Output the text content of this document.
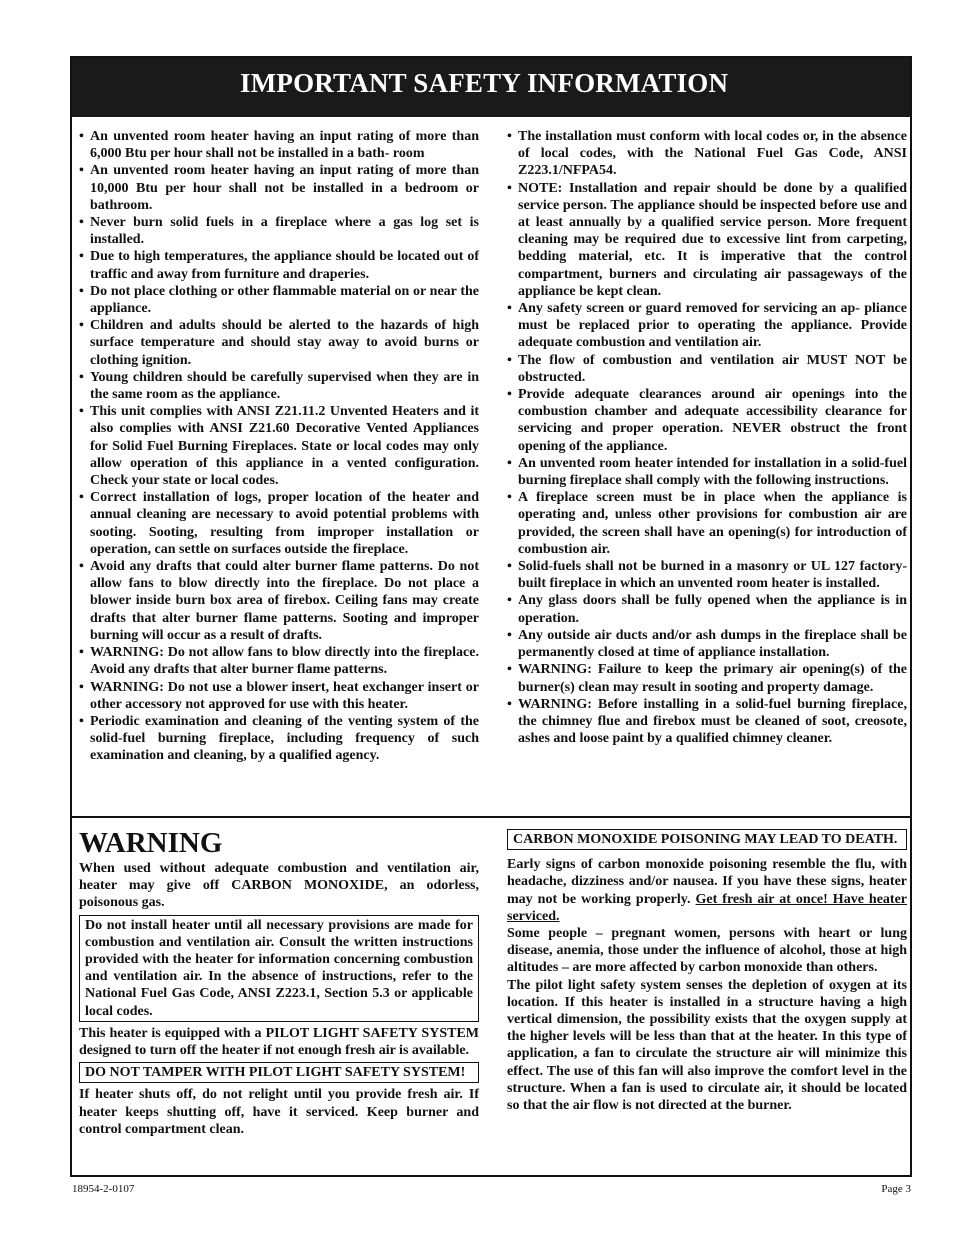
IMPORTANT SAFETY INFORMATION
• An unvented room heater having an input rating of more than 6,000 Btu per hour shall not be installed in a bath- room
• An unvented room heater having an input rating of more than 10,000 Btu per hour shall not be installed in a bedroom or bathroom.
• Never burn solid fuels in a fireplace where a gas log set is installed.
• Due to high temperatures, the appliance should be located out of traffic and away from furniture and draperies.
• Do not place clothing or other flammable material on or near the appliance.
• Children and adults should be alerted to the hazards of high surface temperature and should stay away to avoid burns or clothing ignition.
• Young children should be carefully supervised when they are in the same room as the appliance.
• This unit complies with ANSI Z21.11.2 Unvented Heaters and it also complies with ANSI Z21.60 Decorative Vented Appliances for Solid Fuel Burning Fireplaces. State or local codes may only allow operation of this appliance in a vented configuration. Check your state or local codes.
• Correct installation of logs, proper location of the heater and annual cleaning are necessary to avoid potential problems with sooting. Sooting, resulting from improper installation or operation, can settle on surfaces outside the fireplace.
• Avoid any drafts that could alter burner flame patterns. Do not allow fans to blow directly into the fireplace. Do not place a blower inside burn box area of firebox. Ceiling fans may create drafts that alter burner flame patterns. Sooting and improper burning will occur as a result of drafts.
• WARNING: Do not allow fans to blow directly into the fireplace. Avoid any drafts that alter burner flame patterns.
• WARNING: Do not use a blower insert, heat exchanger insert or other accessory not approved for use with this heater.
• Periodic examination and cleaning of the venting system of the solid-fuel burning fireplace, including frequency of such examination and cleaning, by a qualified agency.
• The installation must conform with local codes or, in the absence of local codes, with the National Fuel Gas Code, ANSI Z223.1/NFPA54.
• NOTE: Installation and repair should be done by a qualified service person. The appliance should be inspected before use and at least annually by a qualified service person. More frequent cleaning may be required due to excessive lint from carpeting, bedding material, etc. It is imperative that the control compartment, burners and circulating air passageways of the appliance be kept clean.
• Any safety screen or guard removed for servicing an ap- pliance must be replaced prior to operating the appliance. Provide adequate combustion and ventilation air.
• The flow of combustion and ventilation air MUST NOT be obstructed.
• Provide adequate clearances around air openings into the combustion chamber and adequate accessibility clearance for servicing and proper operation. NEVER obstruct the front opening of the appliance.
• An unvented room heater intended for installation in a solid-fuel burning fireplace shall comply with the following instructions.
• A fireplace screen must be in place when the appliance is operating and, unless other provisions for combustion air are provided, the screen shall have an opening(s) for introduction of combustion air.
• Solid-fuels shall not be burned in a masonry or UL 127 factory-built fireplace in which an unvented room heater is installed.
• Any glass doors shall be fully opened when the appliance is in operation.
• Any outside air ducts and/or ash dumps in the fireplace shall be permanently closed at time of appliance installation.
• WARNING: Failure to keep the primary air opening(s) of the burner(s) clean may result in sooting and property damage.
• WARNING: Before installing in a solid-fuel burning fireplace, the chimney flue and firebox must be cleaned of soot, creosote, ashes and loose paint by a qualified chimney cleaner.
WARNING

When used without adequate combustion and ventilation air, heater may give off CARBON MONOXIDE, an odorless, poisonous gas.

Do not install heater until all necessary provisions are made for combustion and ventilation air. Consult the written instructions provided with the heater for information concerning combustion and ventilation air. In the absence of instructions, refer to the National Fuel Gas Code, ANSI Z223.1, Section 5.3 or applicable local codes.

This heater is equipped with a PILOT LIGHT SAFETY SYSTEM designed to turn off the heater if not enough fresh air is available.

DO NOT TAMPER WITH PILOT LIGHT SAFETY SYSTEM!

If heater shuts off, do not relight until you provide fresh air. If heater keeps shutting off, have it serviced. Keep burner and control compartment clean.

CARBON MONOXIDE POISONING MAY LEAD TO DEATH.

Early signs of carbon monoxide poisoning resemble the flu, with headache, dizziness and/or nausea. If you have these signs, heater may not be working properly. Get fresh air at once! Have heater serviced.

Some people – pregnant women, persons with heart or lung disease, anemia, those under the influence of alcohol, those at high altitudes – are more affected by carbon monoxide than others.

The pilot light safety system senses the depletion of oxygen at its location. If this heater is installed in a structure having a high vertical dimension, the possibility exists that the oxygen supply at the higher levels will be less than that at the heater. In this type of application, a fan to circulate the structure air will minimize this effect. The use of this fan will also improve the comfort level in the structure. When a fan is used to circulate air, it should be located so that the air flow is not directed at the burner.

18954-2-0107	Page 3
